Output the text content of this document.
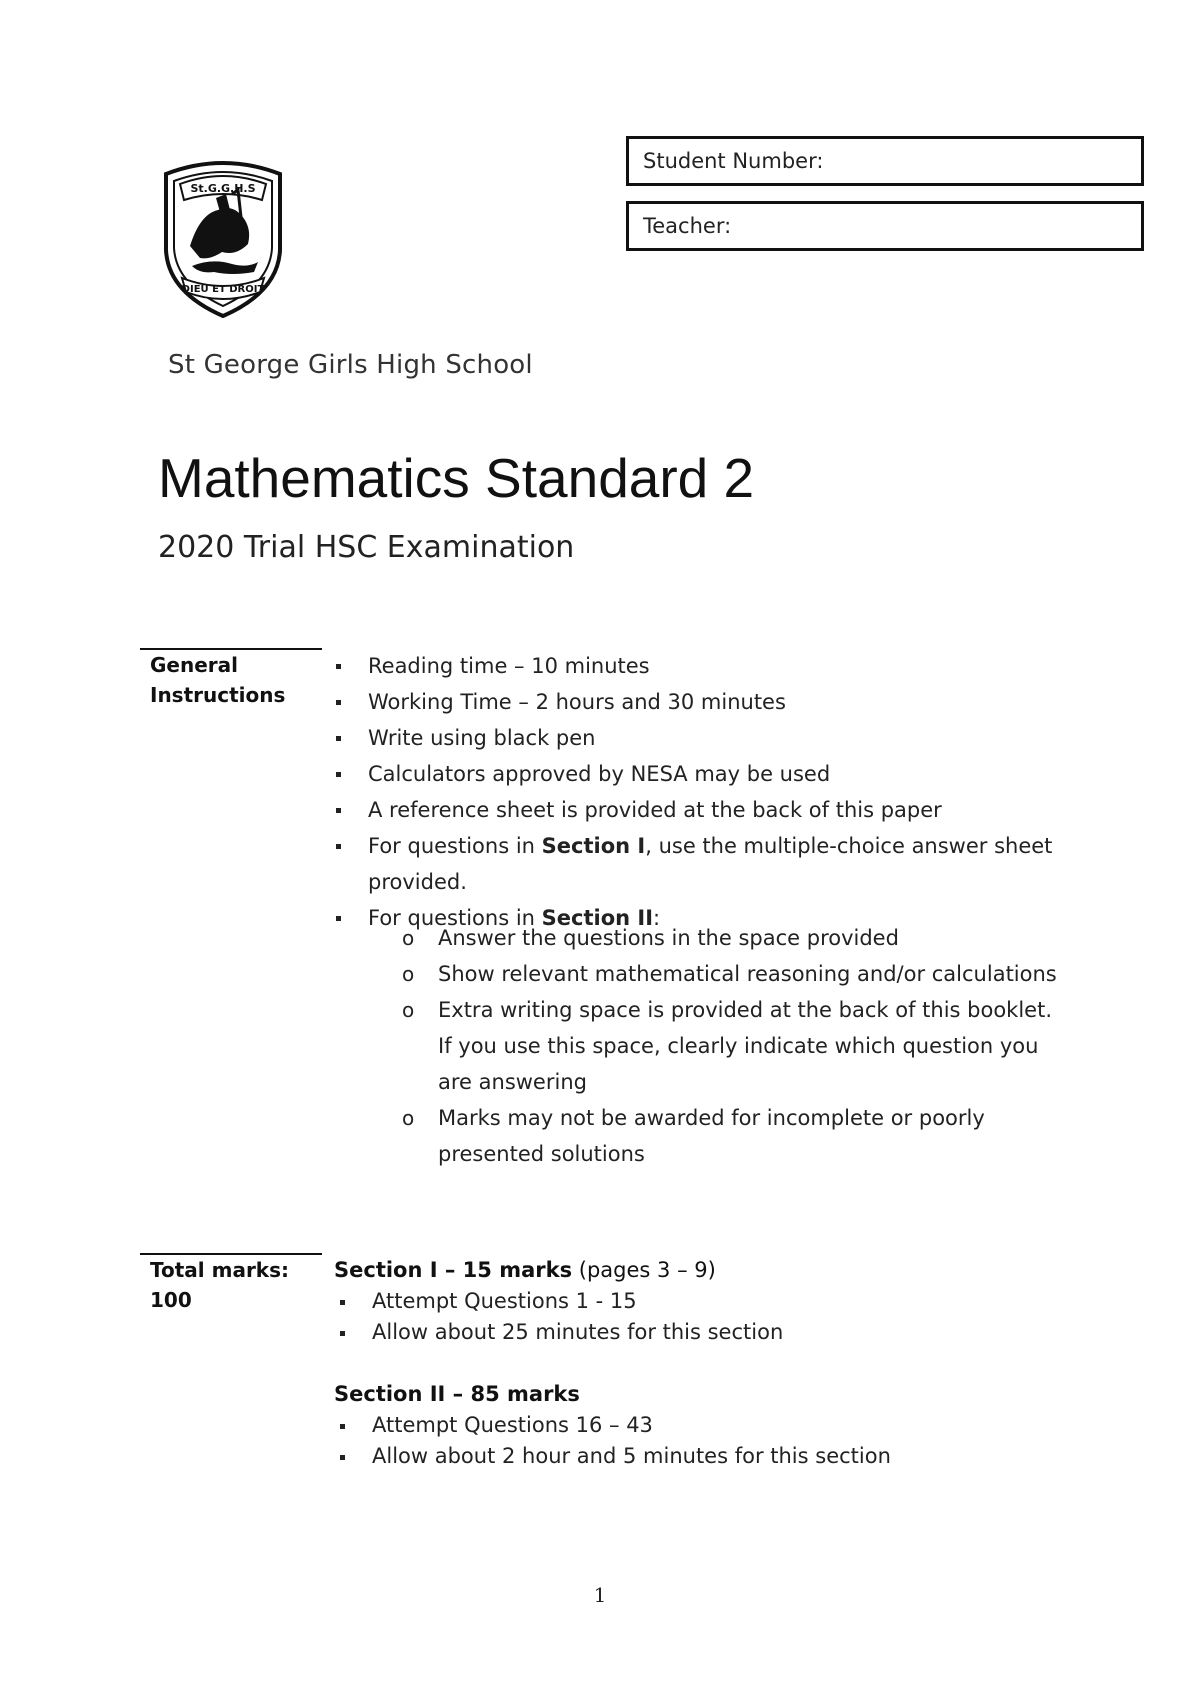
St.G.G.H.S
DIEU ET DROIT
Student Number:
Teacher:
St George Girls High School
Mathematics Standard 2
2020 Trial HSC Examination
General
Instructions
Reading time – 10 minutes
Working Time – 2 hours and 30 minutes
Write using black pen
Calculators approved by NESA may be used
A reference sheet is provided at the back of this paper
For questions in Section I, use the multiple-choice answer sheet provided.
For questions in Section II:
o Answer the questions in the space provided
o Show relevant mathematical reasoning and/or calculations
o Extra writing space is provided at the back of this booklet. If you use this space, clearly indicate which question you are answering
o Marks may not be awarded for incomplete or poorly presented solutions
Total marks:
100
Section I – 15 marks (pages 3 – 9)
Attempt Questions 1 - 15
Allow about 25 minutes for this section
Section II – 85 marks
Attempt Questions 16 – 43
Allow about 2 hour and 5 minutes for this section
1
